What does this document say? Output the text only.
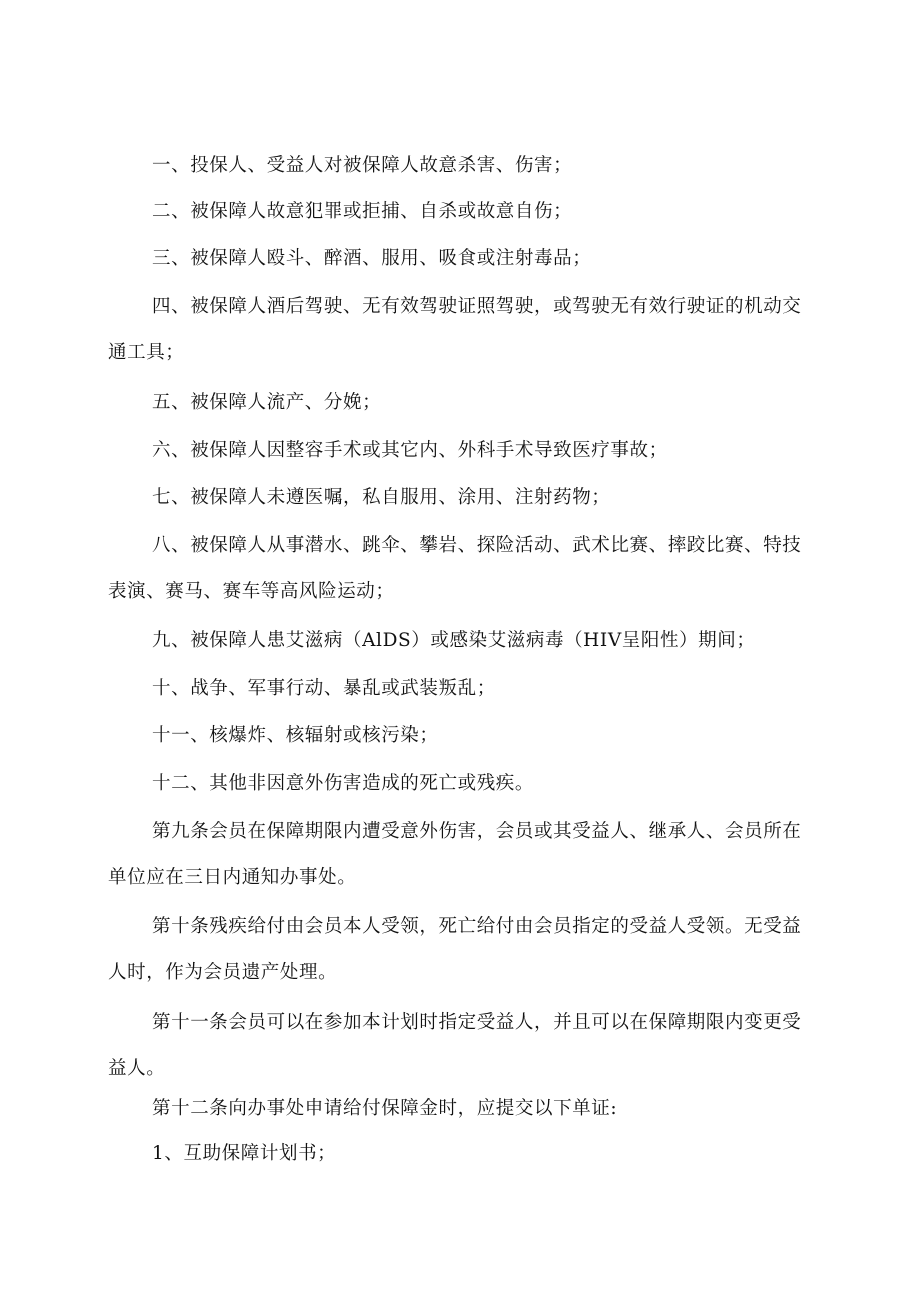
一、投保人、受益人对被保障人故意杀害、伤害；

二、被保障人故意犯罪或拒捕、自杀或故意自伤；

三、被保障人殴斗、醉酒、服用、吸食或注射毒品；

四、被保障人酒后驾驶、无有效驾驶证照驾驶，或驾驶无有效行驶证的机动交通工具；

五、被保障人流产、分娩；

六、被保障人因整容手术或其它内、外科手术导致医疗事故；

七、被保障人未遵医嘱，私自服用、涂用、注射药物；

八、被保障人从事潜水、跳伞、攀岩、探险活动、武术比赛、摔跤比赛、特技表演、赛马、赛车等高风险运动；

九、被保障人患艾滋病（AlDS）或感染艾滋病毒（HIV呈阳性）期间；

十、战争、军事行动、暴乱或武装叛乱；

十一、核爆炸、核辐射或核污染；

十二、其他非因意外伤害造成的死亡或残疾。

第九条会员在保障期限内遭受意外伤害，会员或其受益人、继承人、会员所在单位应在三日内通知办事处。

第十条残疾给付由会员本人受领，死亡给付由会员指定的受益人受领。无受益人时，作为会员遗产处理。

第十一条会员可以在参加本计划时指定受益人，并且可以在保障期限内变更受益人。

第十二条向办事处申请给付保障金时，应提交以下单证:

1、互助保障计划书；
